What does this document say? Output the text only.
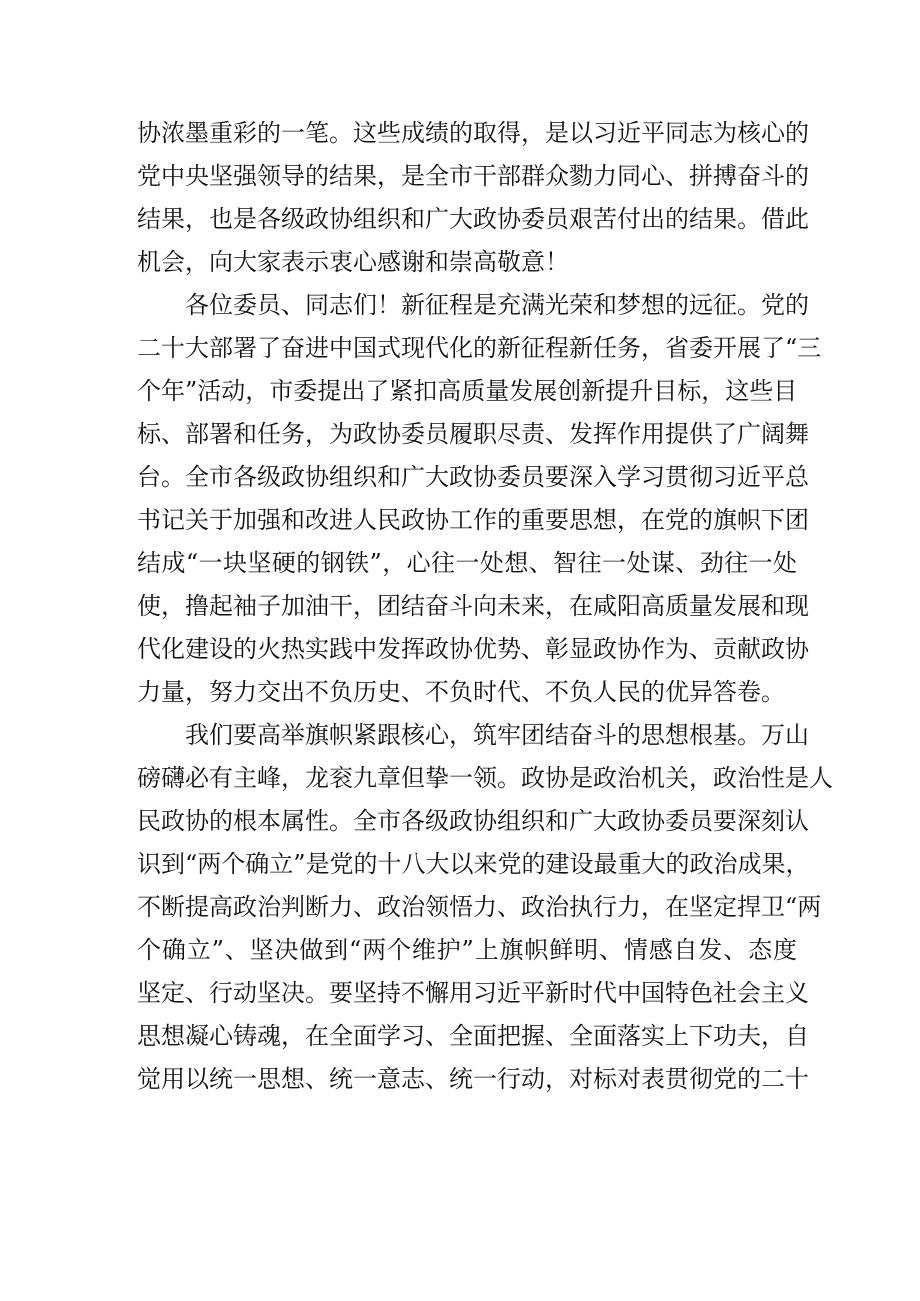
协浓墨重彩的一笔。这些成绩的取得，是以习近平同志为核心的
党中央坚强领导的结果，是全市干部群众勠力同心、拼搏奋斗的
结果，也是各级政协组织和广大政协委员艰苦付出的结果。借此
机会，向大家表示衷心感谢和崇高敬意！
各位委员、同志们！新征程是充满光荣和梦想的远征。党的
二十大部署了奋进中国式现代化的新征程新任务，省委开展了“三
个年”活动，市委提出了紧扣高质量发展创新提升目标，这些目
标、部署和任务，为政协委员履职尽责、发挥作用提供了广阔舞
台。全市各级政协组织和广大政协委员要深入学习贯彻习近平总
书记关于加强和改进人民政协工作的重要思想，在党的旗帜下团
结成“一块坚硬的钢铁”，心往一处想、智往一处谋、劲往一处
使，撸起袖子加油干，团结奋斗向未来，在咸阳高质量发展和现
代化建设的火热实践中发挥政协优势、彰显政协作为、贡献政协
力量，努力交出不负历史、不负时代、不负人民的优异答卷。
我们要高举旗帜紧跟核心，筑牢团结奋斗的思想根基。万山
磅礴必有主峰，龙衮九章但挚一领。政协是政治机关，政治性是人
民政协的根本属性。全市各级政协组织和广大政协委员要深刻认
识到“两个确立”是党的十八大以来党的建设最重大的政治成果，
不断提高政治判断力、政治领悟力、政治执行力，在坚定捍卫“两
个确立”、坚决做到“两个维护”上旗帜鲜明、情感自发、态度
坚定、行动坚决。要坚持不懈用习近平新时代中国特色社会主义
思想凝心铸魂，在全面学习、全面把握、全面落实上下功夫，自
觉用以统一思想、统一意志、统一行动，对标对表贯彻党的二十
